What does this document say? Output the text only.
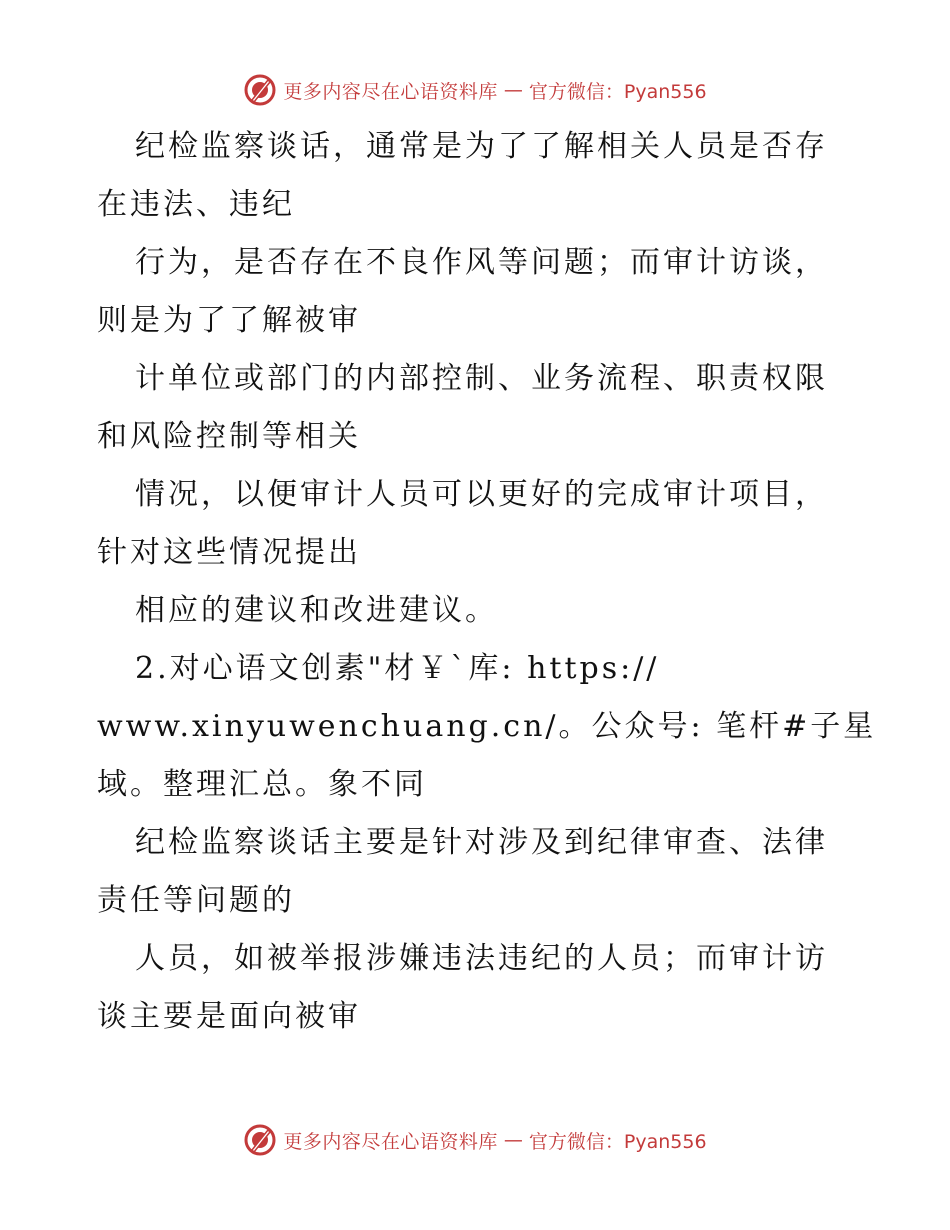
更多内容尽在心语资料库 — 官方微信：Pyan556
纪检监察谈话，通常是为了了解相关人员是否存
在违法、违纪
行为，是否存在不良作风等问题；而审计访谈，
则是为了了解被审
计单位或部门的内部控制、业务流程、职责权限
和风险控制等相关
情况，以便审计人员可以更好的完成审计项目，
针对这些情况提出
相应的建议和改进建议。
2.对心语文创素"材￥`库: https://
www.xinyuwenchuang.cn/。公众号: 笔杆#子星
域。整理汇总。象不同
纪检监察谈话主要是针对涉及到纪律审查、法律
责任等问题的
人员，如被举报涉嫌违法违纪的人员；而审计访
谈主要是面向被审
更多内容尽在心语资料库 — 官方微信：Pyan556
